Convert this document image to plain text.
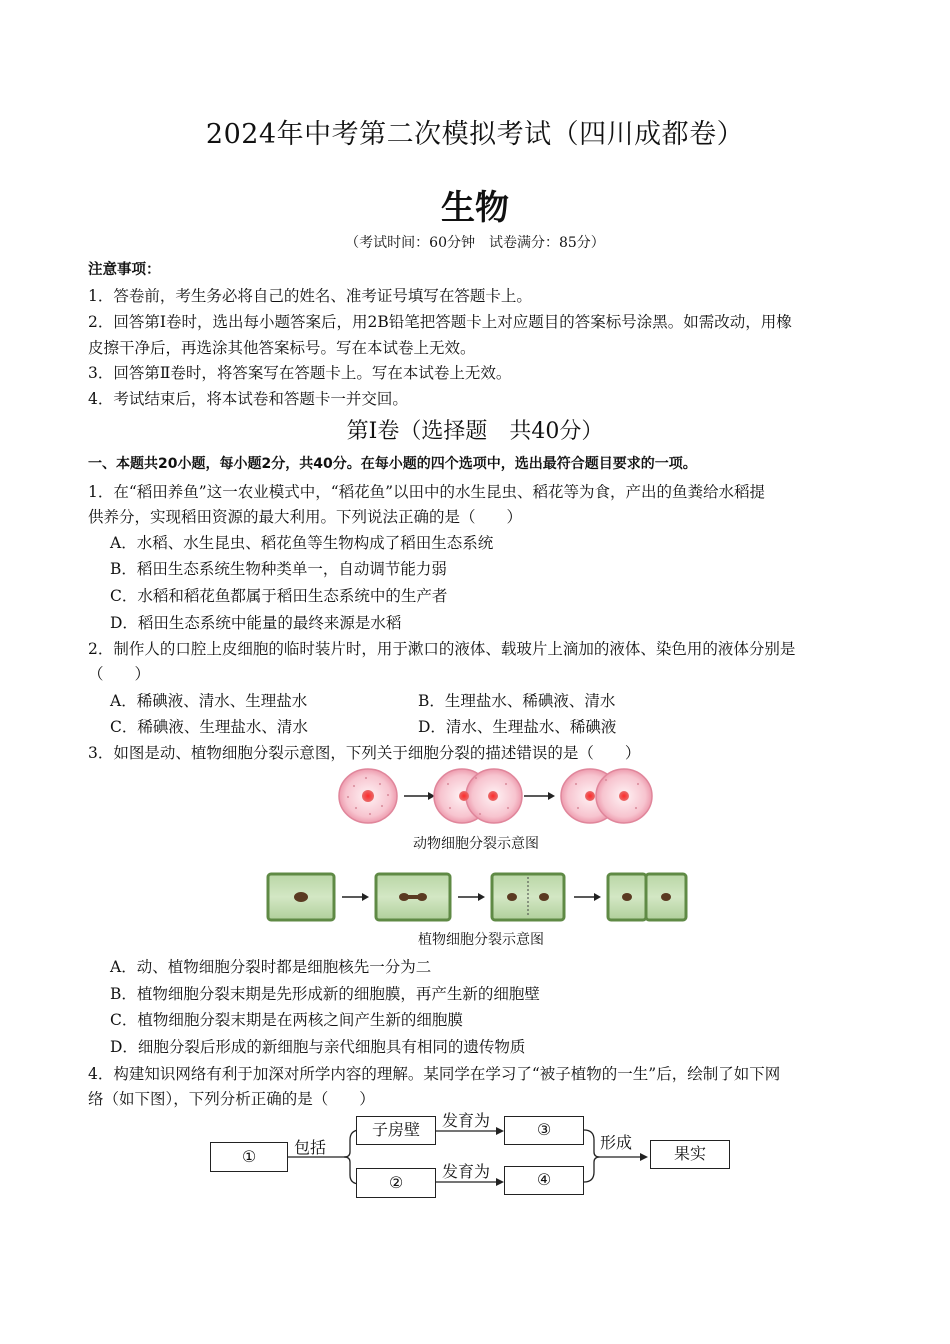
2024年中考第二次模拟考试（四川成都卷）
生物
（考试时间：60分钟　试卷满分：85分）
注意事项：
1．答卷前，考生务必将自己的姓名、准考证号填写在答题卡上。
2．回答第Ⅰ卷时，选出每小题答案后，用2B铅笔把答题卡上对应题目的答案标号涂黑。如需改动，用橡
皮擦干净后，再选涂其他答案标号。写在本试卷上无效。
3．回答第Ⅱ卷时，将答案写在答题卡上。写在本试卷上无效。
4．考试结束后，将本试卷和答题卡一并交回。
第Ⅰ卷（选择题　共40分）
一、本题共20小题，每小题2分，共40分。在每小题的四个选项中，选出最符合题目要求的一项。
1．在“稻田养鱼”这一农业模式中，“稻花鱼”以田中的水生昆虫、稻花等为食，产出的鱼粪给水稻提
供养分，实现稻田资源的最大利用。下列说法正确的是（　　）
A．水稻、水生昆虫、稻花鱼等生物构成了稻田生态系统
B．稻田生态系统生物种类单一，自动调节能力弱
C．水稻和稻花鱼都属于稻田生态系统中的生产者
D．稻田生态系统中能量的最终来源是水稻
2．制作人的口腔上皮细胞的临时装片时，用于漱口的液体、载玻片上滴加的液体、染色用的液体分别是
（　　）
A．稀碘液、清水、生理盐水	B．生理盐水、稀碘液、清水
C．稀碘液、生理盐水、清水	D．清水、生理盐水、稀碘液
3．如图是动、植物细胞分裂示意图，下列关于细胞分裂的描述错误的是（　　）
动物细胞分裂示意图
植物细胞分裂示意图
A．动、植物细胞分裂时都是细胞核先一分为二
B．植物细胞分裂末期是先形成新的细胞膜，再产生新的细胞壁
C．植物细胞分裂末期是在两核之间产生新的细胞膜
D．细胞分裂后形成的新细胞与亲代细胞具有相同的遗传物质
4．构建知识网络有利于加深对所学内容的理解。某同学在学习了“被子植物的一生”后，绘制了如下网
络（如下图），下列分析正确的是（　　）
①	包括
子房壁
②
发育为
发育为
③
④
形成
果实
